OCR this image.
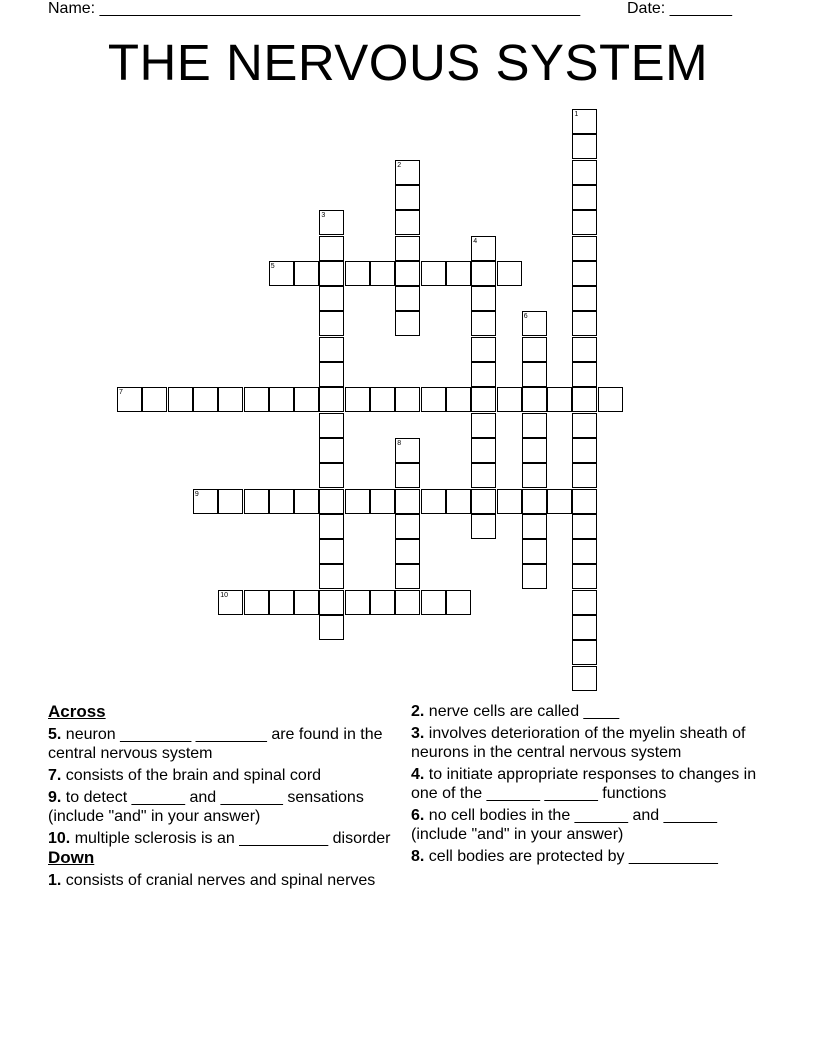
Name: ______________________________________________________	Date: _______
THE NERVOUS SYSTEM
1
2
3
4
5
6
7
8
9
10
Across
5. neuron ________ ________ are found in the central nervous system
7. consists of the brain and spinal cord
9. to detect ______ and _______ sensations (include "and" in your answer)
10. multiple sclerosis is an __________ disorder
Down
1. consists of cranial nerves and spinal nerves
2. nerve cells are called ____
3. involves deterioration of the myelin sheath of neurons in the central nervous system
4. to initiate appropriate responses to changes in one of the ______ ______ functions
6. no cell bodies in the ______ and ______ (include "and" in your answer)
8. cell bodies are protected by __________
